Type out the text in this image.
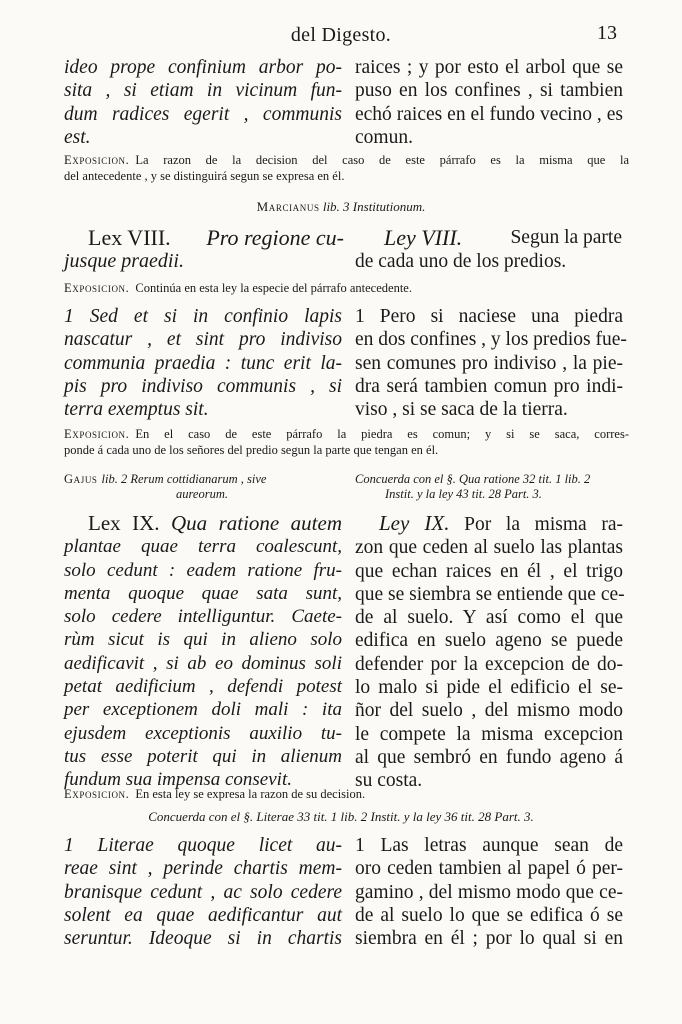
del Digesto.	13
ideo prope confinium arbor po-
sita , si etiam in vicinum fun-
dum radices egerit , communis
est.
raices ; y por esto el arbol que se
puso en los confines , si tambien
echó raices en el fundo vecino , es
comun.
Exposicion. La razon de la decision del caso de este párrafo es la misma que la
del antecedente , y se distinguirá segun se expresa en él.
Marcianus lib. 3 Institutionum.
Lex VIII. Pro regione cu-
jusque praedii.
Ley VIII. Segun la parte
de cada uno de los predios.
Exposicion. Continúa en esta ley la especie del párrafo antecedente.
1 Sed et si in confinio lapis
nascatur , et sint pro indiviso
communia praedia : tunc erit la-
pis pro indiviso communis , si
terra exemptus sit.
1 Pero si naciese una piedra
en dos confines , y los predios fue-
sen comunes pro indiviso , la pie-
dra será tambien comun pro indi-
viso , si se saca de la tierra.
Exposicion. En el caso de este párrafo la piedra es comun; y si se saca, corres-
ponde á cada uno de los señores del predio segun la parte que tengan en él.
Gajus lib. 2 Rerum cottidianarum , sive
aureorum.
Concuerda con el §. Qua ratione 32 tit. 1 lib. 2
Instit. y la ley 43 tit. 28 Part. 3.
Lex IX. Qua ratione autem
plantae quae terra coalescunt,
solo cedunt : eadem ratione fru-
menta quoque quae sata sunt,
solo cedere intelliguntur. Caete-
rùm sicut is qui in alieno solo
aedificavit , si ab eo dominus soli
petat aedificium , defendi potest
per exceptionem doli mali : ita
ejusdem exceptionis auxilio tu-
tus esse poterit qui in alienum
fundum sua impensa consevit.
Ley IX. Por la misma ra-
zon que ceden al suelo las plantas
que echan raices en él , el trigo
que se siembra se entiende que ce-
de al suelo. Y así como el que
edifica en suelo ageno se puede
defender por la excepcion de do-
lo malo si pide el edificio el se-
ñor del suelo , del mismo modo
le compete la misma excepcion
al que sembró en fundo ageno á
su costa.
Exposicion. En esta ley se expresa la razon de su decision.
Concuerda con el §. Literae 33 tit. 1 lib. 2 Instit. y la ley 36 tit. 28 Part. 3.
1 Literae quoque licet au-
reae sint , perinde chartis mem-
branisque cedunt , ac solo cedere
solent ea quae aedificantur aut
seruntur. Ideoque si in chartis
1 Las letras aunque sean de
oro ceden tambien al papel ó per-
gamino , del mismo modo que ce-
de al suelo lo que se edifica ó se
siembra en él ; por lo qual si en
